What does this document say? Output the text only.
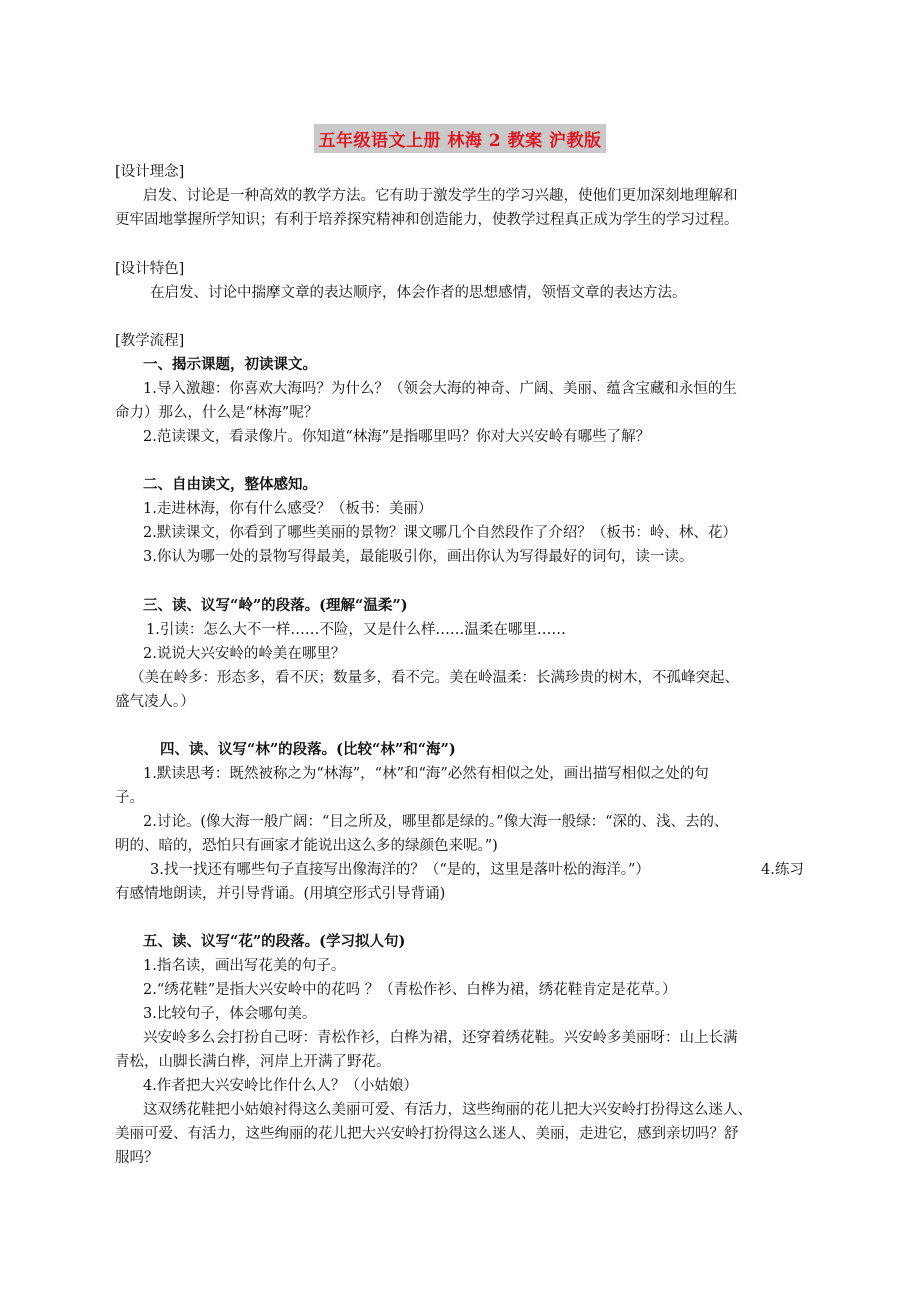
五年级语文上册 林海 2 教案 沪教版
[设计理念]
启发、讨论是一种高效的教学方法。它有助于激发学生的学习兴趣，使他们更加深刻地理解和
更牢固地掌握所学知识；有利于培养探究精神和创造能力，使教学过程真正成为学生的学习过程。
[设计特色]
在启发、讨论中揣摩文章的表达顺序，体会作者的思想感情，领悟文章的表达方法。
[教学流程]
一、揭示课题，初读课文。
1.导入激趣：你喜欢大海吗？为什么？（领会大海的神奇、广阔、美丽、蕴含宝藏和永恒的生
命力）那么，什么是“林海”呢？
2.范读课文，看录像片。你知道“林海”是指哪里吗？你对大兴安岭有哪些了解？
二、自由读文，整体感知。
1.走进林海，你有什么感受？（板书：美丽）
2.默读课文，你看到了哪些美丽的景物？课文哪几个自然段作了介绍？（板书：岭、林、花）
3.你认为哪一处的景物写得最美，最能吸引你，画出你认为写得最好的词句，读一读。
三、读、议写“岭”的段落。(理解“温柔”)
1.引读：怎么大不一样……不险，又是什么样……温柔在哪里……
2.说说大兴安岭的岭美在哪里？
（美在岭多：形态多，看不厌；数量多，看不完。美在岭温柔：长满珍贵的树木，不孤峰突起、
盛气凌人。）
四、读、议写“林”的段落。(比较“林”和“海”)
1.默读思考：既然被称之为“林海”，“林”和“海”必然有相似之处，画出描写相似之处的句
子。
2.讨论。(像大海一般广阔：“目之所及，哪里都是绿的。”像大海一般绿：“深的、浅、去的、
明的、暗的，恐怕只有画家才能说出这么多的绿颜色来呢。”)
3.找一找还有哪些句子直接写出像海洋的？（“是的，这里是落叶松的海洋。”）	4.练习
有感情地朗读，并引导背诵。(用填空形式引导背诵)
五、读、议写“花”的段落。(学习拟人句)
1.指名读，画出写花美的句子。
2.“绣花鞋”是指大兴安岭中的花吗 ？（青松作衫、白桦为裙，绣花鞋肯定是花草。）
3.比较句子，体会哪句美。
兴安岭多么会打扮自己呀：青松作衫，白桦为裙，还穿着绣花鞋。兴安岭多美丽呀：山上长满
青松，山脚长满白桦，河岸上开满了野花。
4.作者把大兴安岭比作什么人？（小姑娘）
这双绣花鞋把小姑娘衬得这么美丽可爱、有活力，这些绚丽的花儿把大兴安岭打扮得这么迷人、
美丽可爱、有活力，这些绚丽的花儿把大兴安岭打扮得这么迷人、美丽，走进它，感到亲切吗？舒
服吗？
